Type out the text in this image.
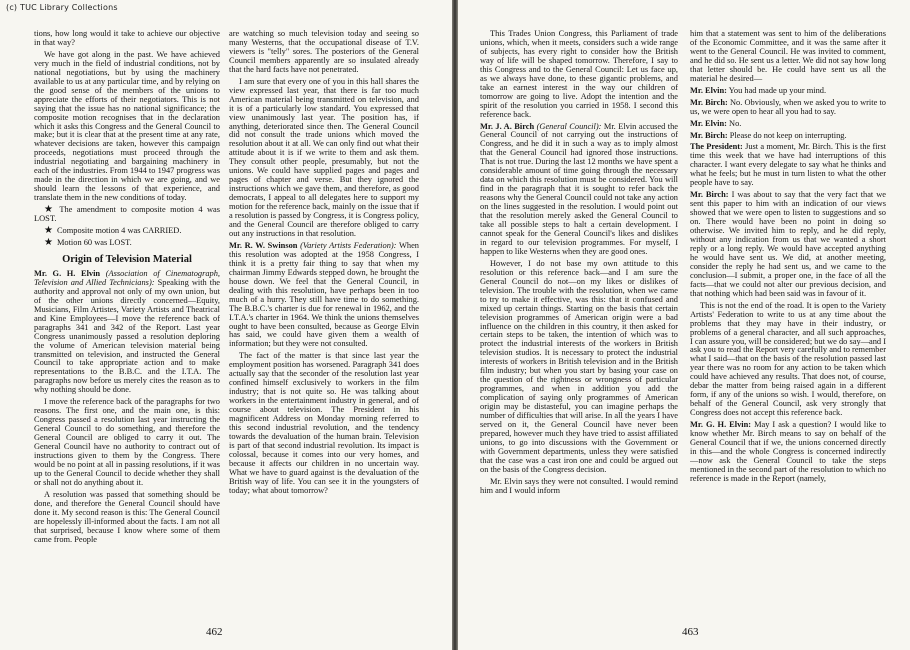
(c) TUC Library Collections

tions, how long would it take to achieve our objective in that way?

We have got along in the past. We have achieved very much in the field of industrial conditions, not by national negotiations, but by using the machinery available to us at any particular time, and by relying on the good sense of the members of the unions to appreciate the efforts of their negotiators. This is not saying that the issue has no national significance; the composite motion recognises that in the declaration which it asks this Congress and the General Council to make; but it is clear that at the present time at any rate, whatever decisions are taken, however this campaign proceeds, negotiations must proceed through the industrial negotiating and bargaining machinery in each of the industries. From 1944 to 1947 progress was made in the direction in which we are going, and we should learn the lessons of that experience, and translate them in the new conditions of today.

★ The amendment to composite motion 4 was LOST.

★ Composite motion 4 was CARRIED.

★ Motion 60 was LOST.

Origin of Television Material

Mr. G. H. Elvin (Association of Cinematograph, Television and Allied Technicians): Speaking with the authority and approval not only of my own union, but of the other unions directly concerned—Equity, Musicians, Film Artistes, Variety Artists and Theatrical and Kine Employees—I move the reference back of paragraphs 341 and 342 of the Report. Last year Congress unanimously passed a resolution deploring the volume of American television material being transmitted on television, and instructed the General Council to take appropriate action and to make representations to the B.B.C. and the I.T.A. The paragraphs now before us merely cites the reason as to why nothing should be done.

I move the reference back of the paragraphs for two reasons. The first one, and the main one, is this: Congress passed a resolution last year instructing the General Council to do something, and therefore the General Council are obliged to carry it out. The General Council have no authority to contract out of instructions given to them by the Congress. There would be no point at all in passing resolutions, if it was up to the General Council to decide whether they shall or shall not do anything about it.

A resolution was passed that something should be done, and therefore the General Council should have done it. My second reason is this: The General Council are hopelessly ill-informed about the facts. I am not all that surprised, because I know where some of them came from. People

are watching so much television today and seeing so many Westerns, that the occupational disease of T.V. viewers is "telly" sores. The posteriors of the General Council members apparently are so insulated already that the hard facts have not penetrated.

I am sure that every one of you in this hall shares the view expressed last year, that there is far too much American material being transmitted on television, and it is of a particularly low standard. You expressed that view unanimously last year. The position has, if anything, deteriorated since then. The General Council did not consult the trade unions which moved the resolution about it at all. We can only find out what their attitude about it is if we write to them and ask them. They consult other people, presumably, but not the unions. We could have supplied pages and pages and pages of chapter and verse. But they ignored the instructions which we gave them, and therefore, as good democrats, I appeal to all delegates here to support my motion for the reference back, mainly on the issue that if a resolution is passed by Congress, it is Congress policy, and the General Council are therefore obliged to carry out any instructions in that resolution.

Mr. R. W. Swinson (Variety Artists Federation): When this resolution was adopted at the 1958 Congress, I think it is a pretty fair thing to say that when my chairman Jimmy Edwards stepped down, he brought the house down. We feel that the General Council, in dealing with this resolution, have perhaps been in too much of a hurry. They still have time to do something. The B.B.C.'s charter is due for renewal in 1962, and the I.T.A.'s charter in 1964. We think the unions themselves ought to have been consulted, because as George Elvin has said, we could have given them a wealth of information; but they were not consulted.

The fact of the matter is that since last year the employment position has worsened. Paragraph 341 does actually say that the seconder of the resolution last year confined himself exclusively to workers in the film industry; that is not quite so. He was talking about workers in the entertainment industry in general, and of course about television. The President in his magnificent Address on Monday morning referred to this second industrial revolution, and the tendency towards the devaluation of the human brain. Television is part of that second industrial revolution. Its impact is colossal, because it comes into our very homes, and because it affects our children in no uncertain way. What we have to guard against is the devaluation of the British way of life. You can see it in the youngsters of today; what about tomorrow?

462

This Trades Union Congress, this Parliament of trade unions, which, when it meets, considers such a wide range of subjects, has every right to consider how the British way of life will be shaped tomorrow. Therefore, I say to this Congress and to the General Council: Let us face up, as we always have done, to these gigantic problems, and take an earnest interest in the way our children of tomorrow are going to live. Adopt the intention and the spirit of the resolution you carried in 1958. I second this reference back.

Mr. J. A. Birch (General Council): Mr. Elvin accused the General Council of not carrying out the instructions of Congress, and he did it in such a way as to imply almost that the General Council had ignored those instructions. That is not true. During the last 12 months we have spent a considerable amount of time going through the necessary data on which this resolution must be considered. You will find in the paragraph that it is sought to refer back the reasons why the General Council could not take any action on the lines suggested in the resolution. I would point out that the resolution merely asked the General Council to take all possible steps to halt a certain development. I cannot speak for the General Council's likes and dislikes in regard to our television programmes. For myself, I happen to like Westerns when they are good ones.

However, I do not base my own attitude to this resolution or this reference back—and I am sure the General Council do not—on my likes or dislikes of television. The trouble with the resolution, when we came to try to make it effective, was this: that it confused and mixed up certain things. Starting on the basis that certain television programmes of American origin were a bad influence on the children in this country, it then asked for certain steps to be taken, the intention of which was to protect the industrial interests of the workers in British television studios. It is necessary to protect the industrial interests of workers in British television and in the British film industry; but when you start by basing your case on the question of the rightness or wrongness of particular programmes, and when in addition you add the complication of saying only programmes of American origin may be distasteful, you can imagine perhaps the number of difficulties that will arise. In all the years I have served on it, the General Council have never been prepared, however much they have tried to assist affiliated unions, to go into discussions with the Government or with Government departments, unless they were satisfied that the case was a cast iron one and could be argued out on the basis of the Congress decision.

Mr. Elvin says they were not consulted. I would remind him and I would inform

him that a statement was sent to him of the deliberations of the Economic Committee, and it was the same after it went to the General Council. He was invited to comment, and he did so. He sent us a letter. We did not say how long that letter should be. He could have sent us all the material he desired—

Mr. Elvin: You had made up your mind.

Mr. Birch: No. Obviously, when we asked you to write to us, we were open to hear all you had to say.

Mr. Elvin: No.

Mr. Birch: Please do not keep on interrupting.

The President: Just a moment, Mr. Birch. This is the first time this week that we have had interruptions of this character. I want every delegate to say what he thinks and what he feels; but he must in turn listen to what the other people have to say.

Mr. Birch: I was about to say that the very fact that we sent this paper to him with an indication of our views showed that we were open to listen to suggestions and so on. There would have been no point in doing so otherwise. We invited him to reply, and he did reply, without any indication from us that we wanted a short reply or a long reply. We would have accepted anything he would have sent us. We did, at another meeting, consider the reply he had sent us, and we came to the conclusion—I submit, a proper one, in the face of all the facts—that we could not alter our previous decision, and that nothing which had been said was in favour of it.

This is not the end of the road. It is open to the Variety Artists' Federation to write to us at any time about the problems that they may have in their industry, or problems of a general character, and all such approaches, I can assure you, will be considered; but we do say—and I ask you to read the Report very carefully and to remember what I said—that on the basis of the resolution passed last year there was no room for any action to be taken which could have achieved any results. That does not, of course, debar the matter from being raised again in a different form, if any of the unions so wish. I would, therefore, on behalf of the General Council, ask very strongly that Congress does not accept this reference back.

Mr. G. H. Elvin: May I ask a question? I would like to know whether Mr. Birch means to say on behalf of the General Council that if we, the unions concerned directly in this—and the whole Congress is concerned indirectly—now ask the General Council to take the steps mentioned in the second part of the resolution to which no reference is made in the Report (namely,

463
